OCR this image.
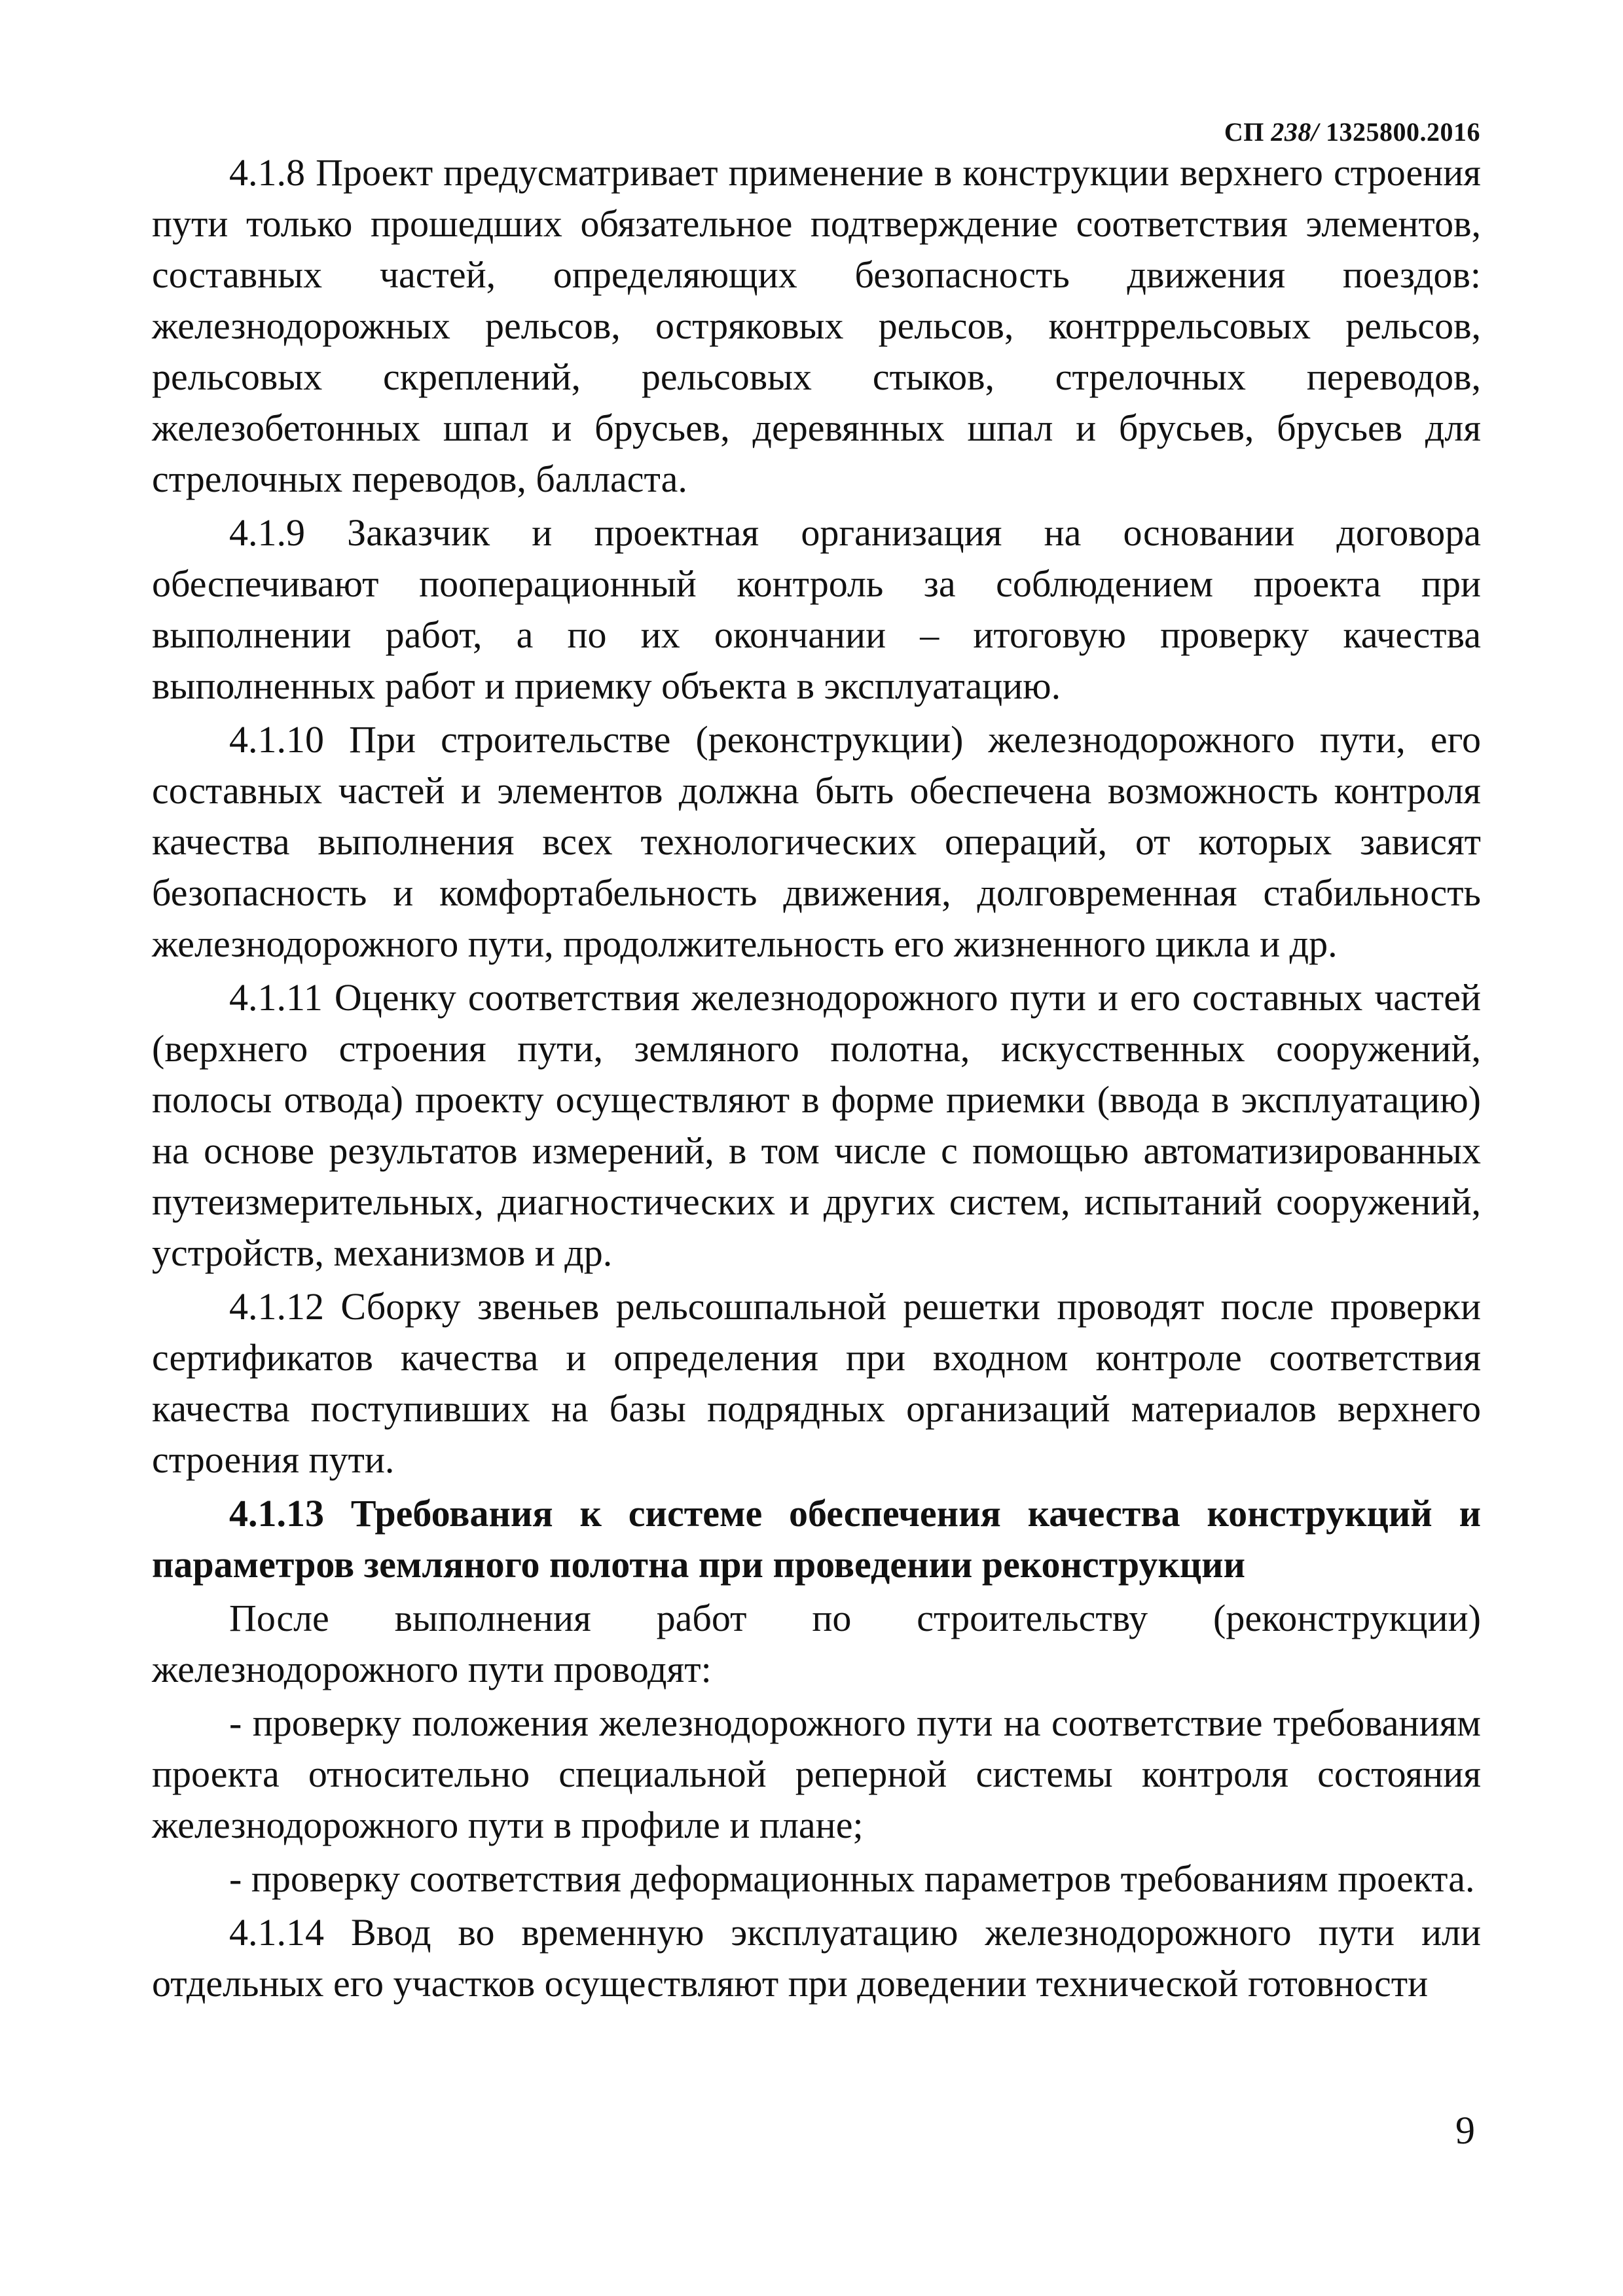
СП 238/ 1325800.2016

4.1.8 Проект предусматривает применение в конструкции верхнего строения пути только прошедших обязательное подтверждение соответствия элементов, составных частей, определяющих безопасность движения поездов: железнодорожных рельсов, остряковых рельсов, контррельсовых рельсов, рельсовых скреплений, рельсовых стыков, стрелочных переводов, железобетонных шпал и брусьев, деревянных шпал и брусьев, брусьев для стрелочных переводов, балласта.

4.1.9 Заказчик и проектная организация на основании договора обеспечивают пооперационный контроль за соблюдением проекта при выполнении работ, а по их окончании – итоговую проверку качества выполненных работ и приемку объекта в эксплуатацию.

4.1.10 При строительстве (реконструкции) железнодорожного пути, его составных частей и элементов должна быть обеспечена возможность контроля качества выполнения всех технологических операций, от которых зависят безопасность и комфортабельность движения, долговременная стабильность железнодорожного пути, продолжительность его жизненного цикла и др.

4.1.11 Оценку соответствия железнодорожного пути и его составных частей (верхнего строения пути, земляного полотна, искусственных сооружений, полосы отвода) проекту осуществляют в форме приемки (ввода в эксплуатацию) на основе результатов измерений, в том числе с помощью автоматизированных путеизмерительных, диагностических и других систем, испытаний сооружений, устройств, механизмов и др.

4.1.12 Сборку звеньев рельсошпальной решетки проводят после проверки сертификатов качества и определения при входном контроле соответствия качества поступивших на базы подрядных организаций материалов верхнего строения пути.

4.1.13 Требования к системе обеспечения качества конструкций и параметров земляного полотна при проведении реконструкции

После выполнения работ по строительству (реконструкции) железнодорожного пути проводят:

- проверку положения железнодорожного пути на соответствие требованиям проекта относительно специальной реперной системы контроля состояния железнодорожного пути в профиле и плане;

- проверку соответствия деформационных параметров требованиям проекта.

4.1.14 Ввод во временную эксплуатацию железнодорожного пути или отдельных его участков осуществляют при доведении технической готовности

9
